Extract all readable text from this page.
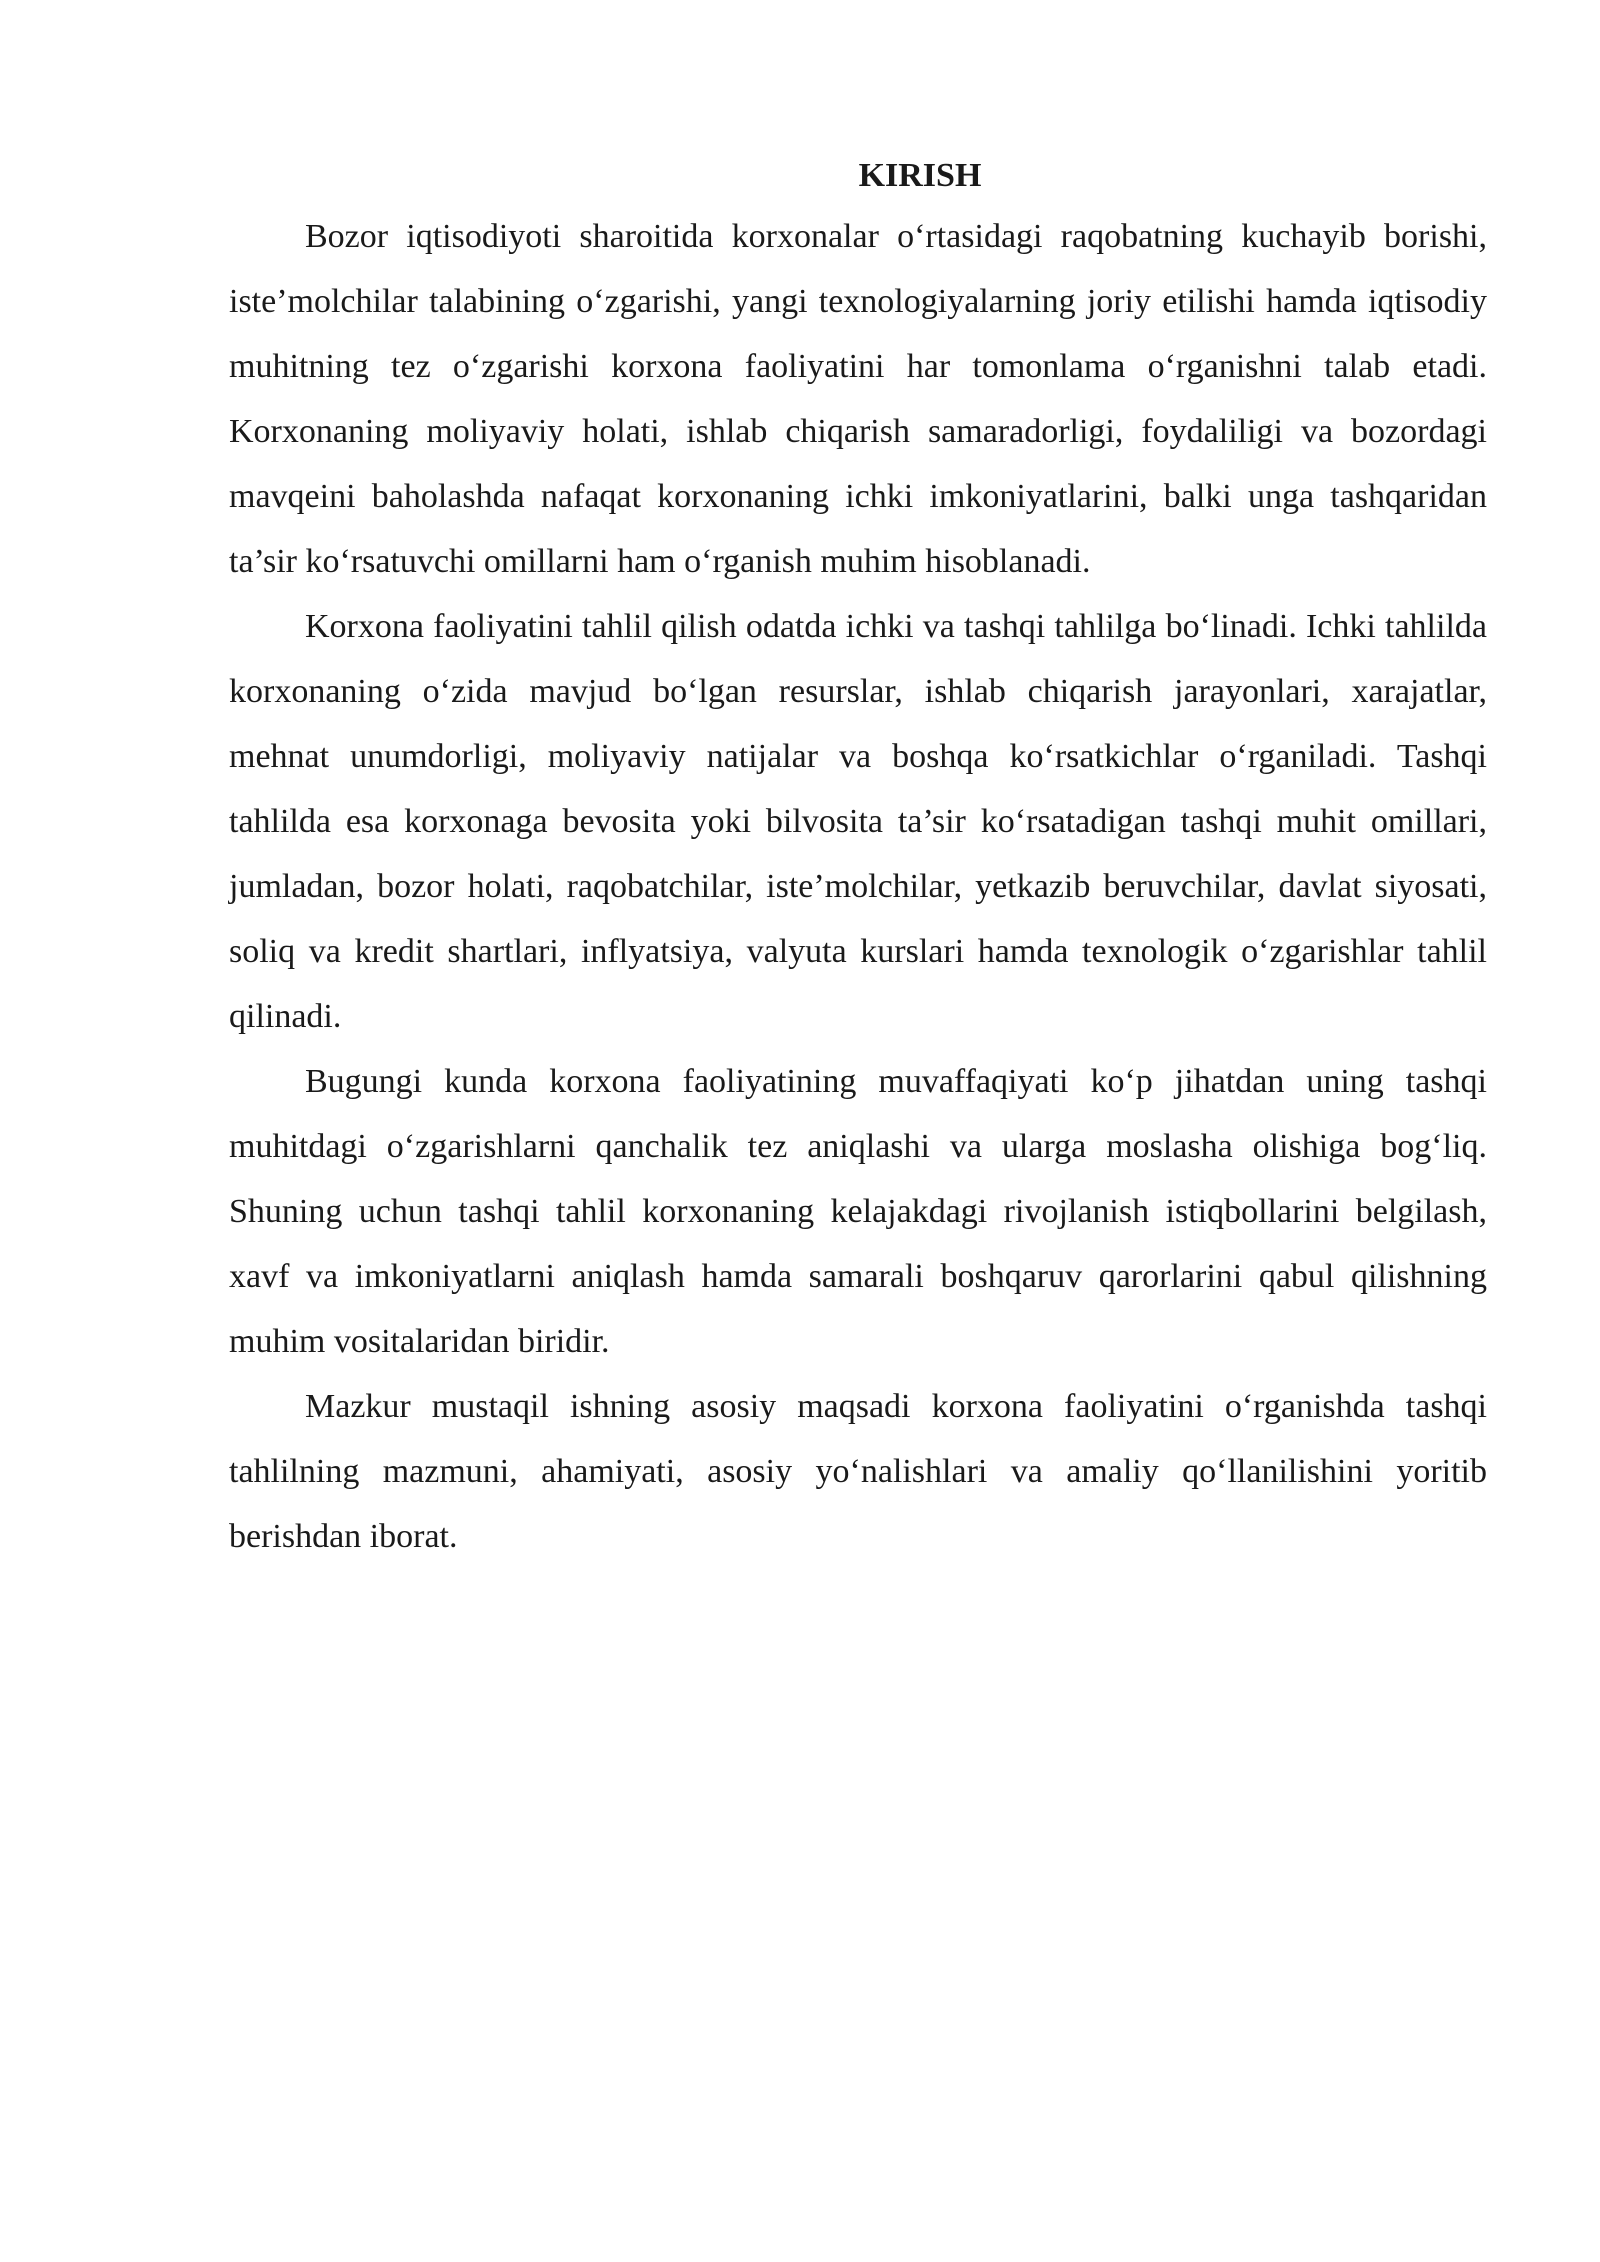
KIRISH

Bozor iqtisodiyoti sharoitida korxonalar o‘rtasidagi raqobatning kuchayib borishi, iste’molchilar talabining o‘zgarishi, yangi texnologiyalarning joriy etilishi hamda iqtisodiy muhitning tez o‘zgarishi korxona faoliyatini har tomonlama o‘rganishni talab etadi. Korxonaning moliyaviy holati, ishlab chiqarish samaradorligi, foydaliligi va bozordagi mavqeini baholashda nafaqat korxonaning ichki imkoniyatlarini, balki unga tashqaridan ta’sir ko‘rsatuvchi omillarni ham o‘rganish muhim hisoblanadi.

Korxona faoliyatini tahlil qilish odatda ichki va tashqi tahlilga bo‘linadi. Ichki tahlilda korxonaning o‘zida mavjud bo‘lgan resurslar, ishlab chiqarish jarayonlari, xarajatlar, mehnat unumdorligi, moliyaviy natijalar va boshqa ko‘rsatkichlar o‘rganiladi. Tashqi tahlilda esa korxonaga bevosita yoki bilvosita ta’sir ko‘rsatadigan tashqi muhit omillari, jumladan, bozor holati, raqobatchilar, iste’molchilar, yetkazib beruvchilar, davlat siyosati, soliq va kredit shartlari, inflyatsiya, valyuta kurslari hamda texnologik o‘zgarishlar tahlil qilinadi.

Bugungi kunda korxona faoliyatining muvaffaqiyati ko‘p jihatdan uning tashqi muhitdagi o‘zgarishlarni qanchalik tez aniqlashi va ularga moslasha olishiga bog‘liq. Shuning uchun tashqi tahlil korxonaning kelajakdagi rivojlanish istiqbollarini belgilash, xavf va imkoniyatlarni aniqlash hamda samarali boshqaruv qarorlarini qabul qilishning muhim vositalaridan biridir.

Mazkur mustaqil ishning asosiy maqsadi korxona faoliyatini o‘rganishda tashqi tahlilning mazmuni, ahamiyati, asosiy yo‘nalishlari va amaliy qo‘llanilishini yoritib berishdan iborat.
